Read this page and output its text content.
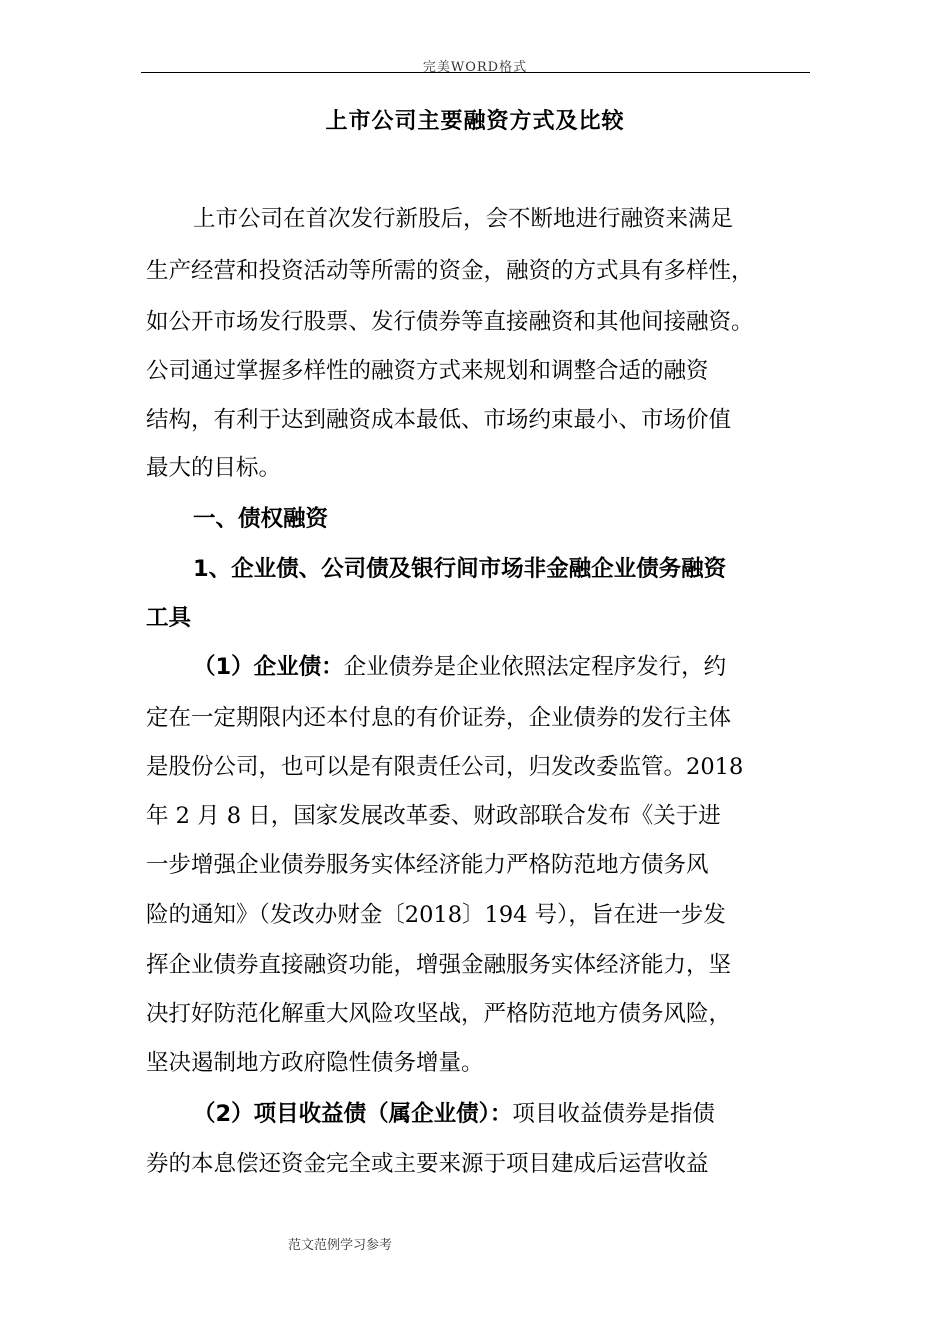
完美WORD格式
上市公司主要融资方式及比较
上市公司在首次发行新股后，会不断地进行融资来满足
生产经营和投资活动等所需的资金，融资的方式具有多样性，
如公开市场发行股票、发行债券等直接融资和其他间接融资。
公司通过掌握多样性的融资方式来规划和调整合适的融资
结构，有利于达到融资成本最低、市场约束最小、市场价值
最大的目标。
一、债权融资
1、企业债、公司债及银行间市场非金融企业债务融资
工具
（1）企业债：企业债券是企业依照法定程序发行，约
定在一定期限内还本付息的有价证券，企业债券的发行主体
是股份公司，也可以是有限责任公司，归发改委监管。2018
年 2 月 8 日，国家发展改革委、财政部联合发布《关于进
一步增强企业债券服务实体经济能力严格防范地方债务风
险的通知》（发改办财金〔2018〕194 号），旨在进一步发
挥企业债券直接融资功能，增强金融服务实体经济能力，坚
决打好防范化解重大风险攻坚战，严格防范地方债务风险，
坚决遏制地方政府隐性债务增量。
（2）项目收益债（属企业债）：项目收益债券是指债
券的本息偿还资金完全或主要来源于项目建成后运营收益
范文范例学习参考
